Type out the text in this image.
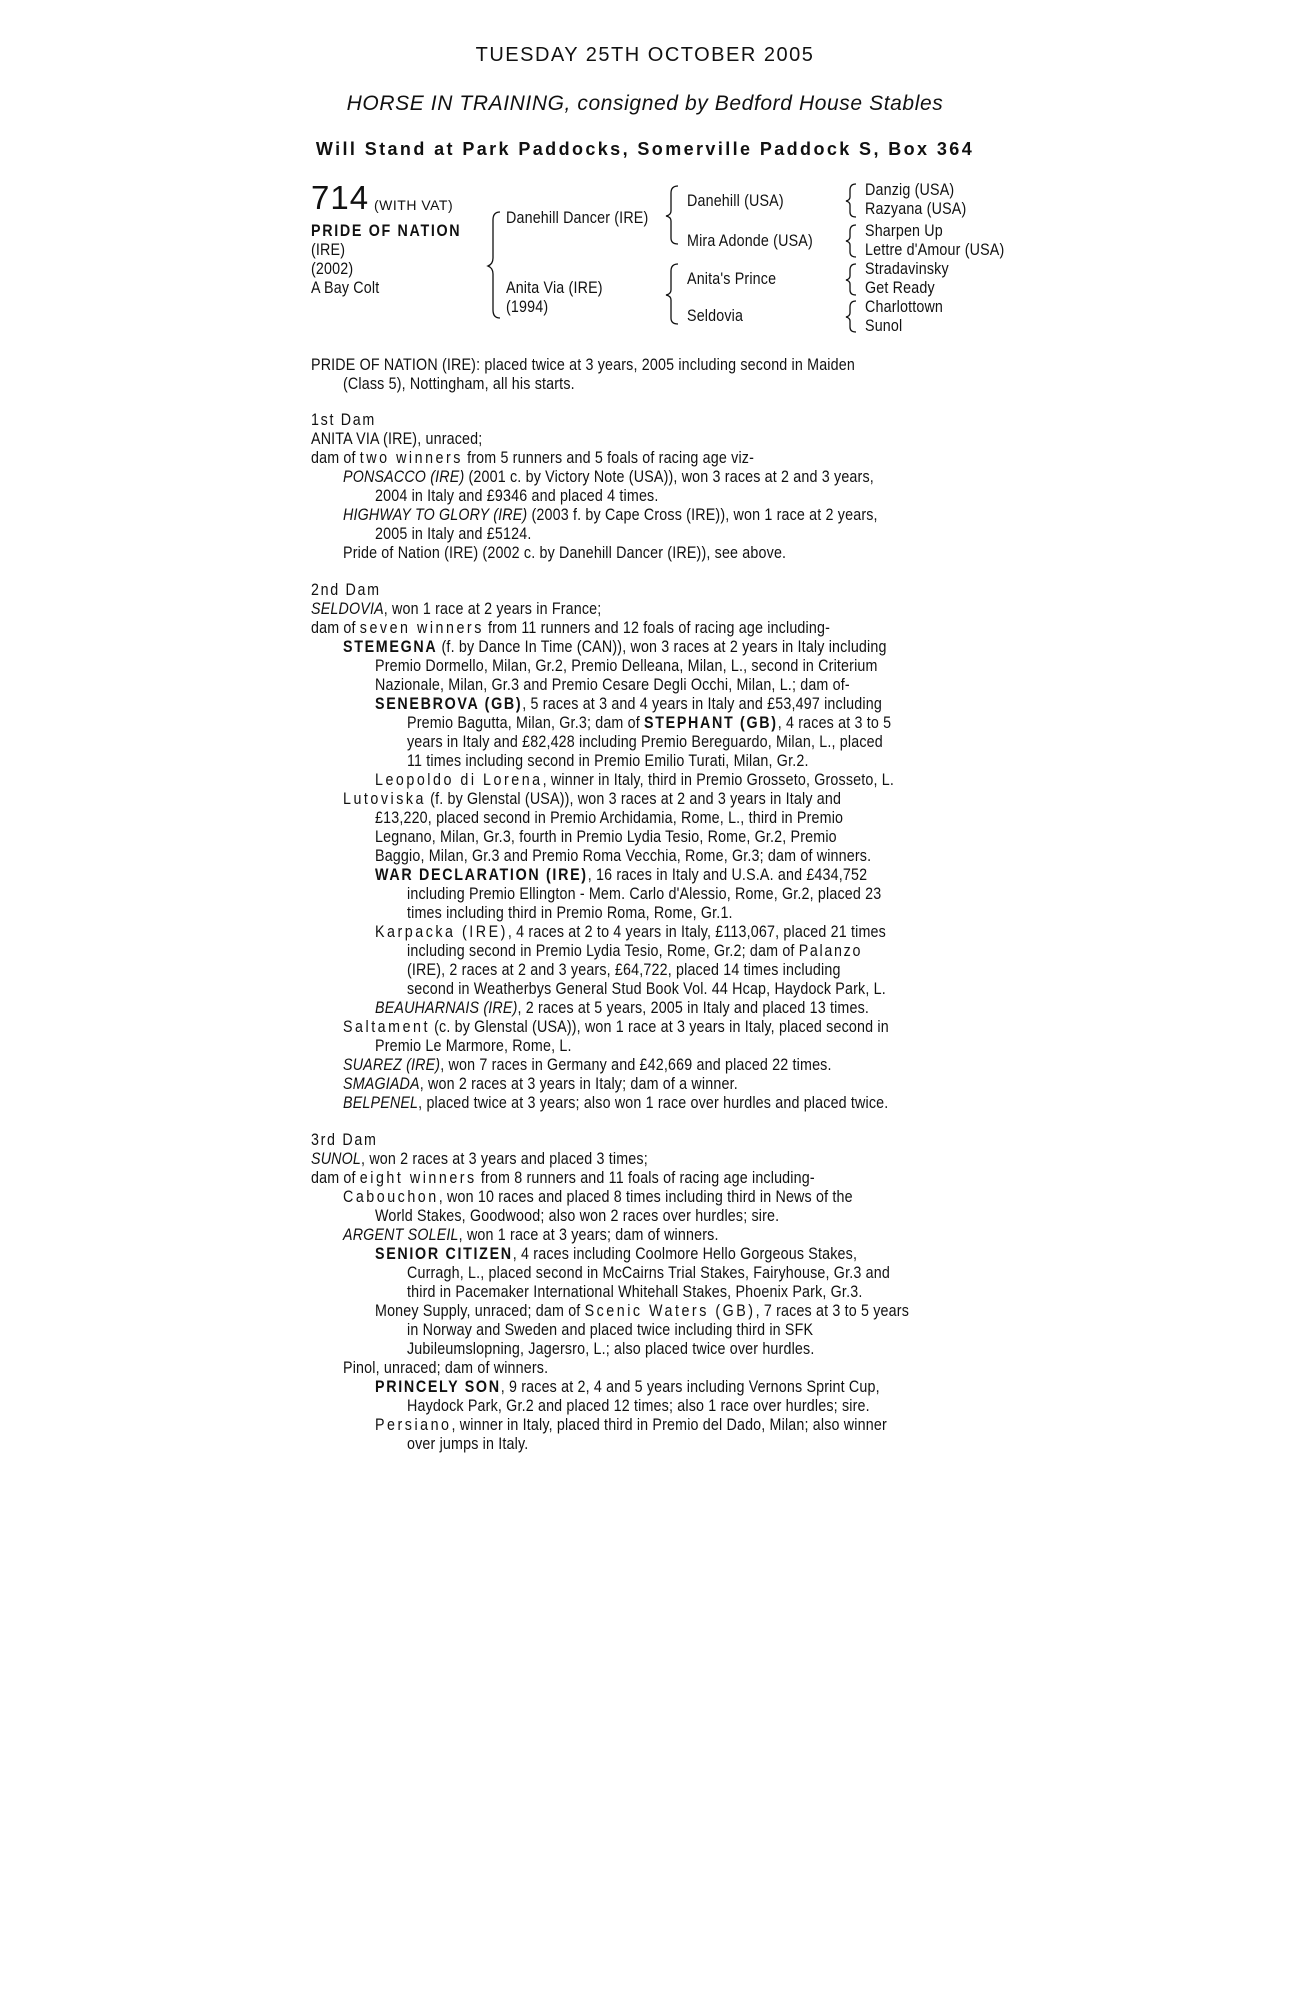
TUESDAY 25TH OCTOBER 2005
HORSE IN TRAINING, consigned by Bedford House Stables
Will Stand at Park Paddocks, Somerville Paddock S, Box 364
714 (WITH VAT)
PRIDE OF NATION
(IRE)
(2002)
A Bay Colt
Danehill Dancer (IRE)
Anita Via (IRE)
(1994)
Danehill (USA)
Mira Adonde (USA)
Anita's Prince
Seldovia
Danzig (USA)
Razyana (USA)
Sharpen Up
Lettre d'Amour (USA)
Stradavinsky
Get Ready
Charlottown
Sunol
PRIDE OF NATION (IRE): placed twice at 3 years, 2005 including second in Maiden
(Class 5), Nottingham, all his starts.
1st Dam
ANITA VIA (IRE), unraced;
dam of two winners from 5 runners and 5 foals of racing age viz-
PONSACCO (IRE) (2001 c. by Victory Note (USA)), won 3 races at 2 and 3 years,
2004 in Italy and £9346 and placed 4 times.
HIGHWAY TO GLORY (IRE) (2003 f. by Cape Cross (IRE)), won 1 race at 2 years,
2005 in Italy and £5124.
Pride of Nation (IRE) (2002 c. by Danehill Dancer (IRE)), see above.
2nd Dam
SELDOVIA, won 1 race at 2 years in France;
dam of seven winners from 11 runners and 12 foals of racing age including-
STEMEGNA (f. by Dance In Time (CAN)), won 3 races at 2 years in Italy including
Premio Dormello, Milan, Gr.2, Premio Delleana, Milan, L., second in Criterium
Nazionale, Milan, Gr.3 and Premio Cesare Degli Occhi, Milan, L.; dam of-
SENEBROVA (GB), 5 races at 3 and 4 years in Italy and £53,497 including
Premio Bagutta, Milan, Gr.3; dam of STEPHANT (GB), 4 races at 3 to 5
years in Italy and £82,428 including Premio Bereguardo, Milan, L., placed
11 times including second in Premio Emilio Turati, Milan, Gr.2.
Leopoldo di Lorena, winner in Italy, third in Premio Grosseto, Grosseto, L.
Lutoviska (f. by Glenstal (USA)), won 3 races at 2 and 3 years in Italy and
£13,220, placed second in Premio Archidamia, Rome, L., third in Premio
Legnano, Milan, Gr.3, fourth in Premio Lydia Tesio, Rome, Gr.2, Premio
Baggio, Milan, Gr.3 and Premio Roma Vecchia, Rome, Gr.3; dam of winners.
WAR DECLARATION (IRE), 16 races in Italy and U.S.A. and £434,752
including Premio Ellington - Mem. Carlo d'Alessio, Rome, Gr.2, placed 23
times including third in Premio Roma, Rome, Gr.1.
Karpacka (IRE), 4 races at 2 to 4 years in Italy, £113,067, placed 21 times
including second in Premio Lydia Tesio, Rome, Gr.2; dam of Palanzo
(IRE), 2 races at 2 and 3 years, £64,722, placed 14 times including
second in Weatherbys General Stud Book Vol. 44 Hcap, Haydock Park, L.
BEAUHARNAIS (IRE), 2 races at 5 years, 2005 in Italy and placed 13 times.
Saltament (c. by Glenstal (USA)), won 1 race at 3 years in Italy, placed second in
Premio Le Marmore, Rome, L.
SUAREZ (IRE), won 7 races in Germany and £42,669 and placed 22 times.
SMAGIADA, won 2 races at 3 years in Italy; dam of a winner.
BELPENEL, placed twice at 3 years; also won 1 race over hurdles and placed twice.
3rd Dam
SUNOL, won 2 races at 3 years and placed 3 times;
dam of eight winners from 8 runners and 11 foals of racing age including-
Cabouchon, won 10 races and placed 8 times including third in News of the
World Stakes, Goodwood; also won 2 races over hurdles; sire.
ARGENT SOLEIL, won 1 race at 3 years; dam of winners.
SENIOR CITIZEN, 4 races including Coolmore Hello Gorgeous Stakes,
Curragh, L., placed second in McCairns Trial Stakes, Fairyhouse, Gr.3 and
third in Pacemaker International Whitehall Stakes, Phoenix Park, Gr.3.
Money Supply, unraced; dam of Scenic Waters (GB), 7 races at 3 to 5 years
in Norway and Sweden and placed twice including third in SFK
Jubileumslopning, Jagersro, L.; also placed twice over hurdles.
Pinol, unraced; dam of winners.
PRINCELY SON, 9 races at 2, 4 and 5 years including Vernons Sprint Cup,
Haydock Park, Gr.2 and placed 12 times; also 1 race over hurdles; sire.
Persiano, winner in Italy, placed third in Premio del Dado, Milan; also winner
over jumps in Italy.
